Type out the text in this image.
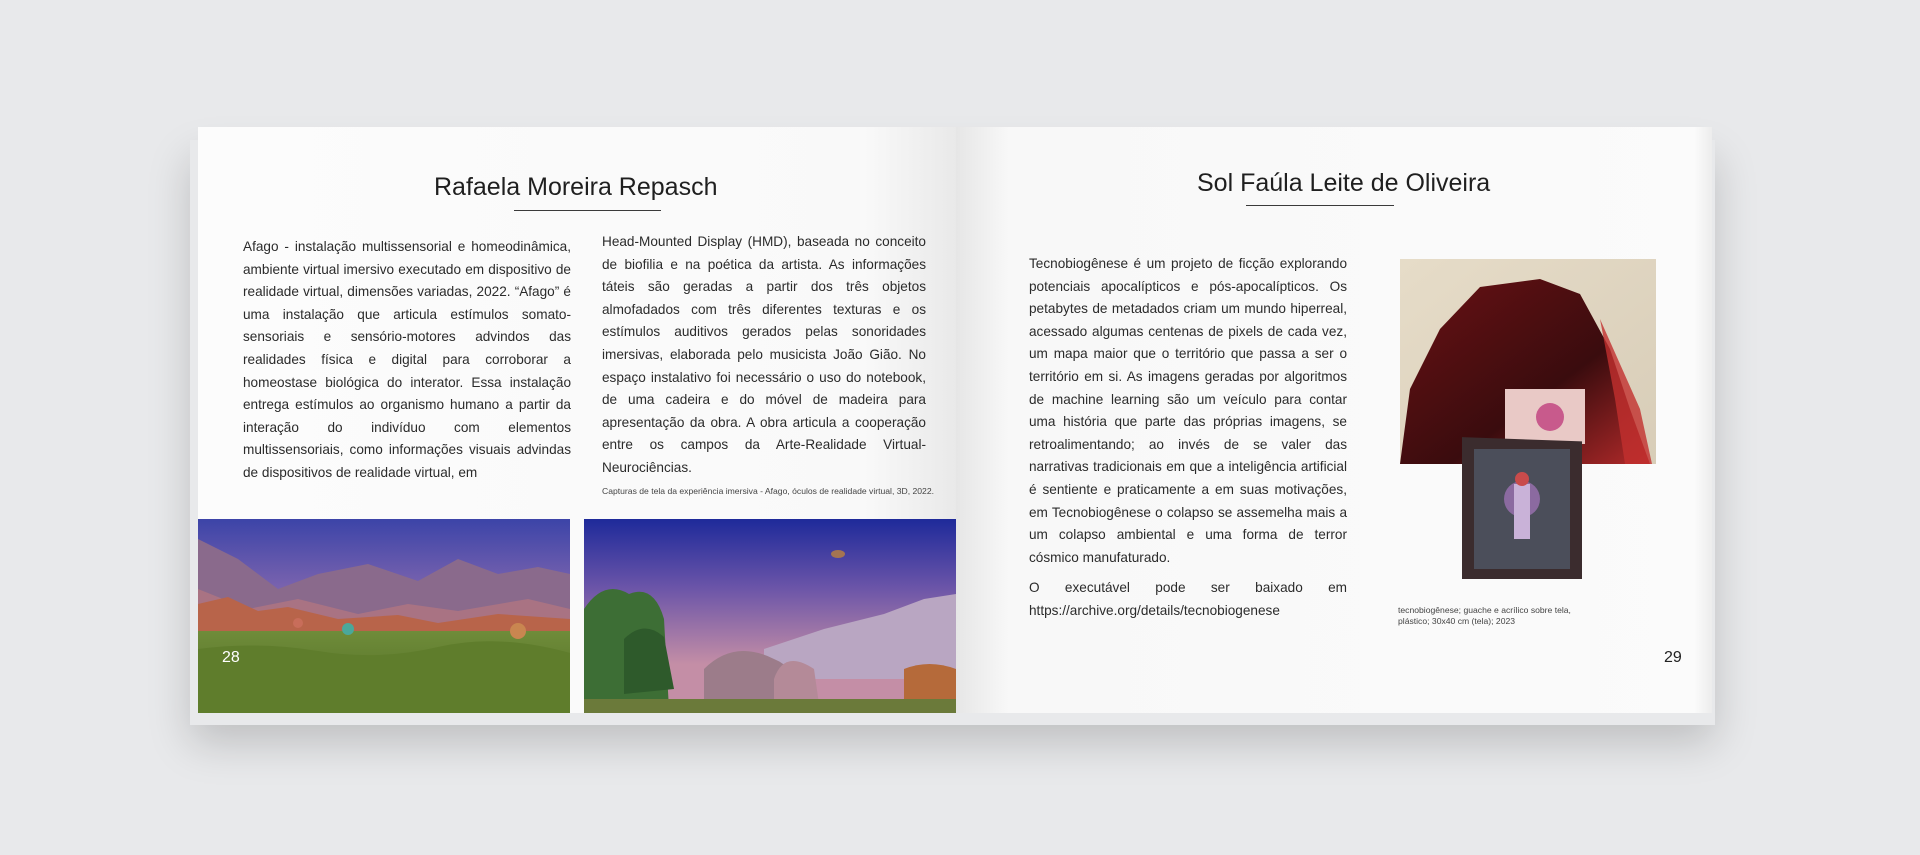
Rafaela Moreira Repasch

Afago - instalação multissensorial e homeodinâmica, ambiente virtual imersivo executado em dispositivo de realidade virtual, dimensões variadas, 2022. “Afago” é uma instalação que articula estímulos somato-sensoriais e sensório-motores advindos das realidades física e digital para corroborar a homeostase biológica do interator. Essa instalação entrega estímulos ao organismo humano a partir da interação do indivíduo com elementos multissensoriais, como informações visuais advindas de dispositivos de realidade virtual, em

Head-Mounted Display (HMD), baseada no conceito de biofilia e na poética da artista. As informações táteis são geradas a partir dos três objetos almofadados com três diferentes texturas e os estímulos auditivos gerados pelas sonoridades imersivas, elaborada pelo musicista João Gião. No espaço instalativo foi necessário o uso do notebook, de uma cadeira e do móvel de madeira para apresentação da obra. A obra articula a cooperação entre os campos da Arte-Realidade Virtual-Neurociências.

Capturas de tela da experiência imersiva - Afago, óculos de realidade virtual, 3D, 2022.

28

Sol Faúla Leite de Oliveira

Tecnobiogênese é um projeto de ficção explorando potenciais apocalípticos e pós-apocalípticos. Os petabytes de metadados criam um mundo hiperreal, acessado algumas centenas de pixels de cada vez, um mapa maior que o território que passa a ser o território em si. As imagens geradas por algoritmos de machine learning são um veículo para contar uma história que parte das próprias imagens, se retroalimentando; ao invés de se valer das narrativas tradicionais em que a inteligência artificial é sentiente e praticamente a em suas motivações, em Tecnobiogênese o colapso se assemelha mais a um colapso ambiental e uma forma de terror cósmico manufaturado.

O executável pode ser baixado em https://archive.org/details/tecnobiogenese	tecnobiogênese; guache e acrílico sobre tela,

plástico; 30x40 cm (tela); 2023

29
